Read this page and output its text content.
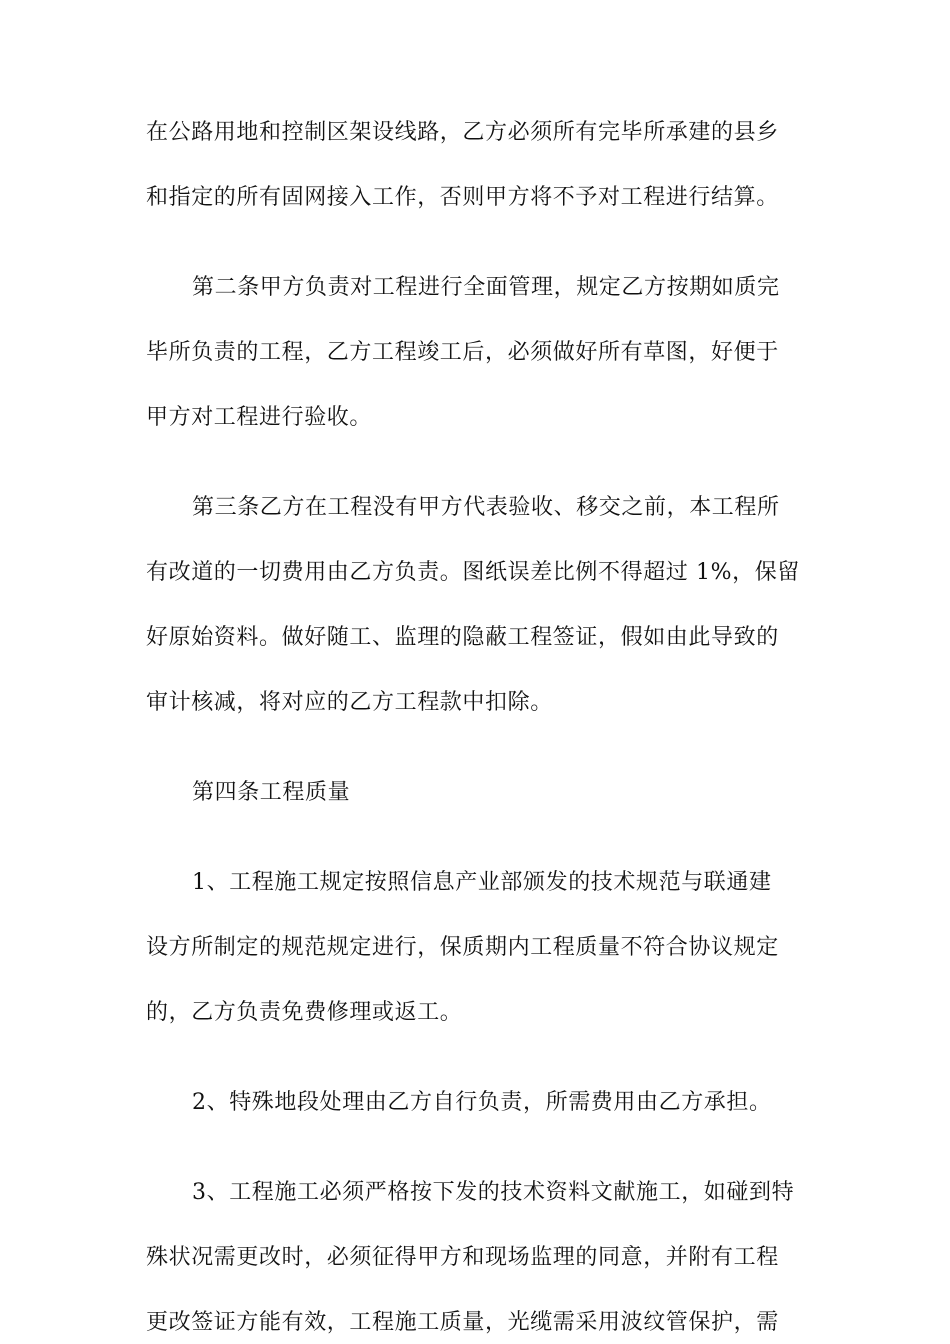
在公路用地和控制区架设线路，乙方必须所有完毕所承建的县乡
和指定的所有固网接入工作，否则甲方将不予对工程进行结算。
第二条甲方负责对工程进行全面管理，规定乙方按期如质完
毕所负责的工程，乙方工程竣工后，必须做好所有草图，好便于
甲方对工程进行验收。
第三条乙方在工程没有甲方代表验收、移交之前，本工程所
有改道的一切费用由乙方负责。图纸误差比例不得超过 1%，保留
好原始资料。做好随工、监理的隐蔽工程签证，假如由此导致的
审计核减，将对应的乙方工程款中扣除。
第四条工程质量
1、工程施工规定按照信息产业部颁发的技术规范与联通建
设方所制定的规范规定进行，保质期内工程质量不符合协议规定
的，乙方负责免费修理或返工。
2、特殊地段处理由乙方自行负责，所需费用由乙方承担。
3、工程施工必须严格按下发的技术资料文献施工，如碰到特
殊状况需更改时，必须征得甲方和现场监理的同意，并附有工程
更改签证方能有效，工程施工质量，光缆需采用波纹管保护，需
